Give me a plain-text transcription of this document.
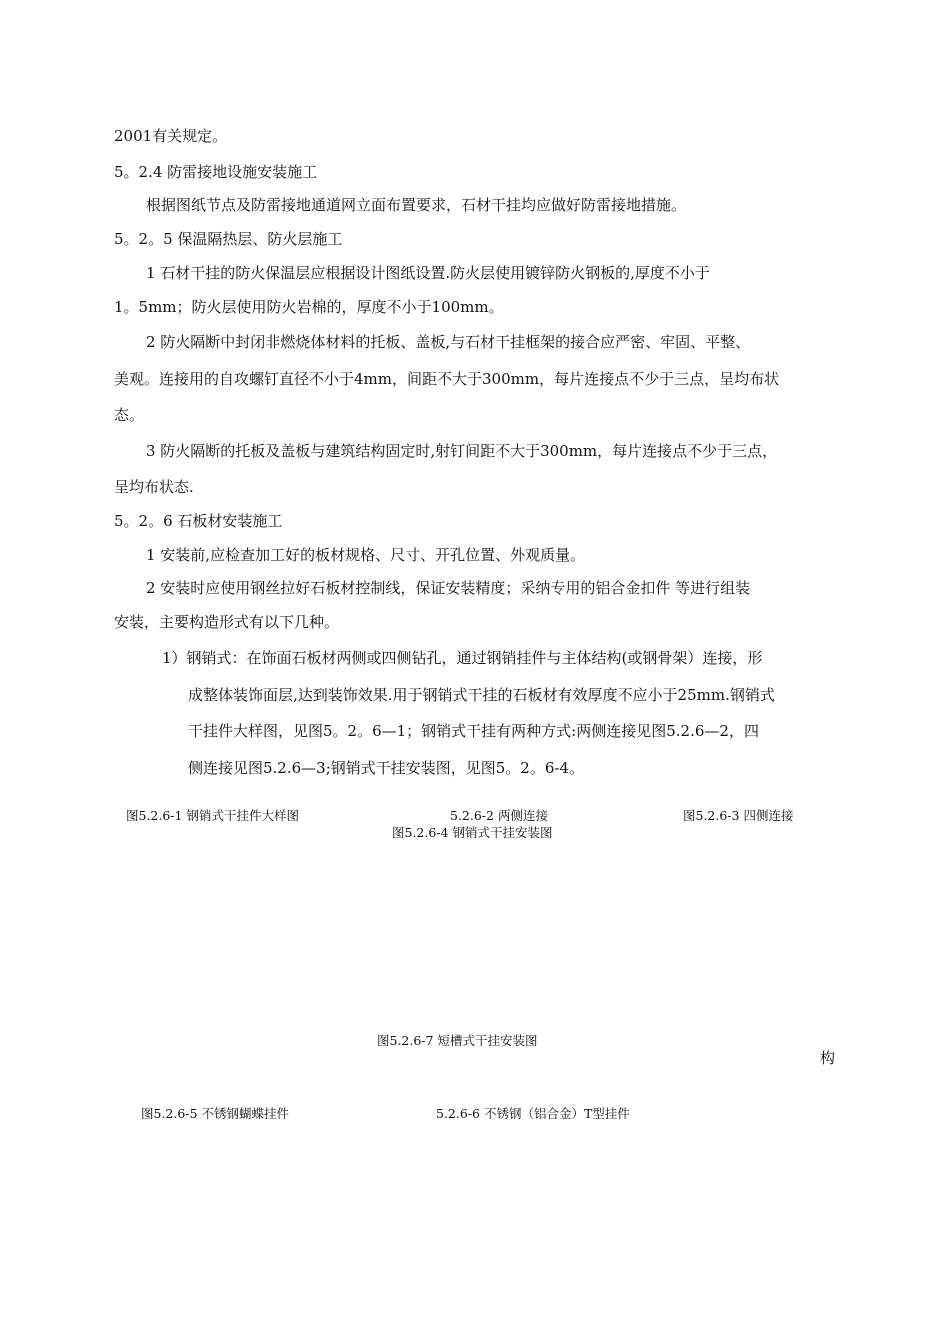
2001有关规定。
5。2.4 防雷接地设施安装施工
根据图纸节点及防雷接地通道网立面布置要求，石材干挂均应做好防雷接地措施。
5。2。5 保温隔热层、防火层施工
1 石材干挂的防火保温层应根据设计图纸设置.防火层使用镀锌防火钢板的,厚度不小于
1。5mm；防火层使用防火岩棉的，厚度不小于100mm。
2 防火隔断中封闭非燃烧体材料的托板、盖板,与石材干挂框架的接合应严密、牢固、平整、
美观。连接用的自攻螺钉直径不小于4mm，间距不大于300mm，每片连接点不少于三点，呈均布状
态。
3 防火隔断的托板及盖板与建筑结构固定时,射钉间距不大于300mm，每片连接点不少于三点，
呈均布状态.
5。2。6 石板材安装施工
1 安装前,应检查加工好的板材规格、尺寸、开孔位置、外观质量。
2 安装时应使用钢丝拉好石板材控制线，保证安装精度；采纳专用的铝合金扣件 等进行组装
安装，主要构造形式有以下几种。
1）钢销式：在饰面石板材两侧或四侧钻孔，通过钢销挂件与主体结构(或钢骨架）连接，形
成整体装饰面层,达到装饰效果.用于钢销式干挂的石板材有效厚度不应小于25mm.钢销式
干挂件大样图，见图5。2。6—1；钢销式干挂有两种方式:两侧连接见图5.2.6—2，四
侧连接见图5.2.6—3;钢销式干挂安装图，见图5。2。6-4。
图5.2.6-1 钢销式干挂件大样图	5.2.6-2 两侧连接	图5.2.6-3 四侧连接
图5.2.6-4 钢销式干挂安装图
图5.2.6-7 短槽式干挂安装图
构
图5.2.6-5 不锈钢蝴蝶挂件	5.2.6-6 不锈钢（铝合金）T型挂件
